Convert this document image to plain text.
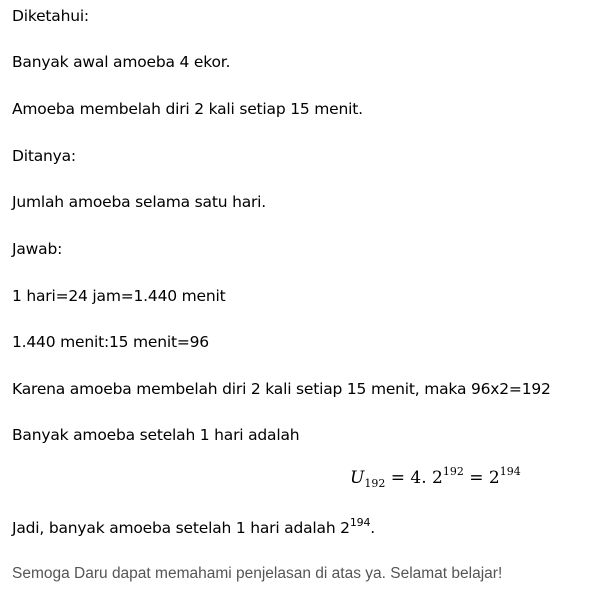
Diketahui:
Banyak awal amoeba 4 ekor.
Amoeba membelah diri 2 kali setiap 15 menit.
Ditanya:
Jumlah amoeba selama satu hari.
Jawab:
1 hari=24 jam=1.440 menit
1.440 menit:15 menit=96
Karena amoeba membelah diri 2 kali setiap 15 menit, maka 96x2=192
Banyak amoeba setelah 1 hari adalah
$U_{192} = 4$. $2^{192} = 2^{194}$
Jadi, banyak amoeba setelah 1 hari adalah $2^{194}$.
Semoga Daru dapat memahami penjelasan di atas ya. Selamat belajar!
